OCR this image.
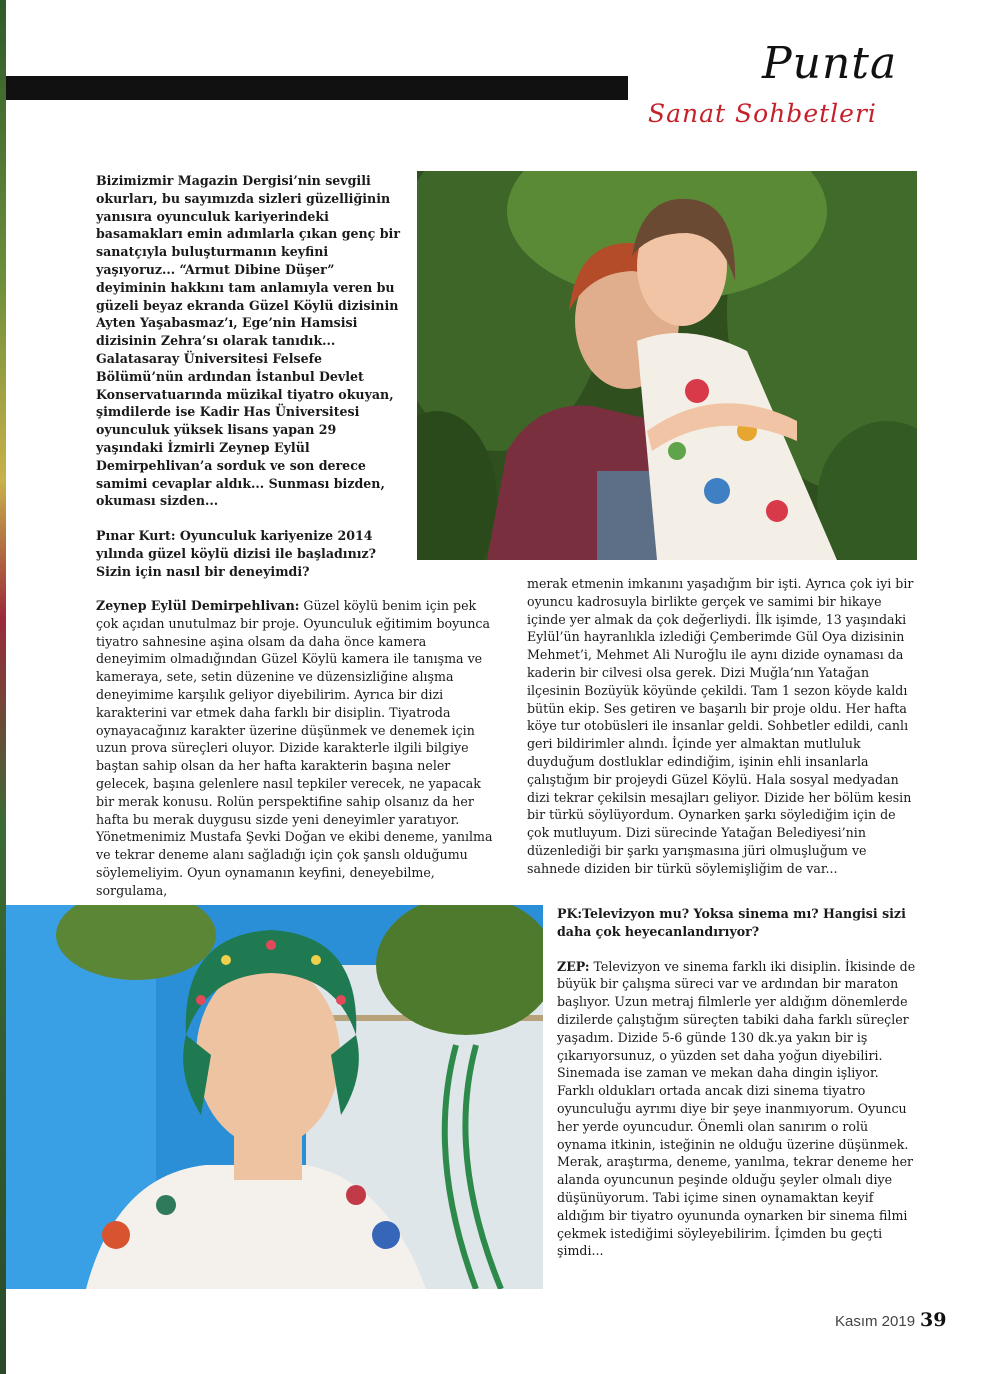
Punta
Sanat Sohbetleri

Bizimizmir Magazin Dergisi’nin sevgili okurları, bu sayımızda sizleri güzelliğinin yanısıra oyunculuk kariyerindeki basamakları emin adımlarla çıkan genç bir sanatçıyla buluşturmanın keyfini yaşıyoruz... “Armut Dibine Düşer” deyiminin hakkını tam anlamıyla veren bu güzeli beyaz ekranda Güzel Köylü dizisinin Ayten Yaşabasmaz’ı, Ege’nin Hamsisi dizisinin Zehra’sı olarak tanıdık... Galatasaray Üniversitesi Felsefe Bölümü’nün ardından İstanbul Devlet Konservatuarında müzikal tiyatro okuyan, şimdilerde ise Kadir Has Üniversitesi oyunculuk yüksek lisans yapan 29 yaşındaki İzmirli Zeynep Eylül Demirpehlivan’a sorduk ve son derece samimi cevaplar aldık... Sunması bizden, okuması sizden...

Pınar Kurt: Oyunculuk kariyenize 2014 yılında güzel köylü dizisi ile başladınız? Sizin için nasıl bir deneyimdi?

Zeynep Eylül Demirpehlivan: Güzel köylü benim için pek çok açıdan unutulmaz bir proje. Oyunculuk eğitimim boyunca tiyatro sahnesine aşina olsam da daha önce kamera deneyimim olmadığından Güzel Köylü kamera ile tanışma ve kameraya, sete, setin düzenine ve düzensizliğine alışma deneyimime karşılık geliyor diyebilirim. Ayrıca bir dizi karakterini var etmek daha farklı bir disiplin. Tiyatroda oynayacağınız karakter üzerine düşünmek ve denemek için uzun prova süreçleri oluyor. Dizide karakterle ilgili bilgiye baştan sahip olsan da her hafta karakterin başına neler gelecek, başına gelenlere nasıl tepkiler verecek, ne yapacak bir merak konusu. Rolün perspektifine sahip olsanız da her hafta bu merak duygusu sizde yeni deneyimler yaratıyor. Yönetmenimiz Mustafa Şevki Doğan ve ekibi deneme, yanılma ve tekrar deneme alanı sağladığı için çok şanslı olduğumu söylemeliyim. Oyun oynamanın keyfini, deneyebilme, sorgulama,

merak etmenin imkanını yaşadığım bir işti. Ayrıca çok iyi bir oyuncu kadrosuyla birlikte gerçek ve samimi bir hikaye içinde yer almak da çok değerliydi. İlk işimde, 13 yaşındaki Eylül’ün hayranlıkla izlediği Çemberimde Gül Oya dizisinin Mehmet’i, Mehmet Ali Nuroğlu ile aynı dizide oynaması da kaderin bir cilvesi olsa gerek. Dizi Muğla’nın Yatağan ilçesinin Bozüyük köyünde çekildi. Tam 1 sezon köyde kaldı bütün ekip. Ses getiren ve başarılı bir proje oldu. Her hafta köye tur otobüsleri ile insanlar geldi. Sohbetler edildi, canlı geri bildirimler alındı. İçinde yer almaktan mutluluk duyduğum dostluklar edindiğim, işinin ehli insanlarla çalıştığım bir projeydi Güzel Köylü. Hala sosyal medyadan dizi tekrar çekilsin mesajları geliyor. Dizide her bölüm kesin bir türkü söylüyordum. Oynarken şarkı söylediğim için de çok mutluyum. Dizi sürecinde Yatağan Belediyesi’nin düzenlediği bir şarkı yarışmasına jüri olmuşluğum ve sahnede diziden bir türkü söylemişliğim de var...

PK:Televizyon mu? Yoksa sinema mı? Hangisi sizi daha çok heyecanlandırıyor?

ZEP: Televizyon ve sinema farklı iki disiplin. İkisinde de büyük bir çalışma süreci var ve ardından bir maraton başlıyor. Uzun metraj filmlerle yer aldığım dönemlerde dizilerde çalıştığım süreçten tabiki daha farklı süreçler yaşadım. Dizide 5-6 günde 130 dk.ya yakın bir iş çıkarıyorsunuz, o yüzden set daha yoğun diyebiliri. Sinemada ise zaman ve mekan daha dingin işliyor. Farklı oldukları ortada ancak dizi sinema tiyatro oyunculuğu ayrımı diye bir şeye inanmıyorum. Oyuncu her yerde oyuncudur. Önemli olan sanırım o rolü oynama itkinin, isteğinin ne olduğu üzerine düşünmek. Merak, araştırma, deneme, yanılma, tekrar deneme her alanda oyuncunun peşinde olduğu şeyler olmalı diye düşünüyorum. Tabi içime sinen oynamaktan keyif aldığım bir tiyatro oyununda oynarken bir sinema filmi çekmek istediğimi söyleyebilirim. İçimden bu geçti şimdi...

Kasım 2019 39
